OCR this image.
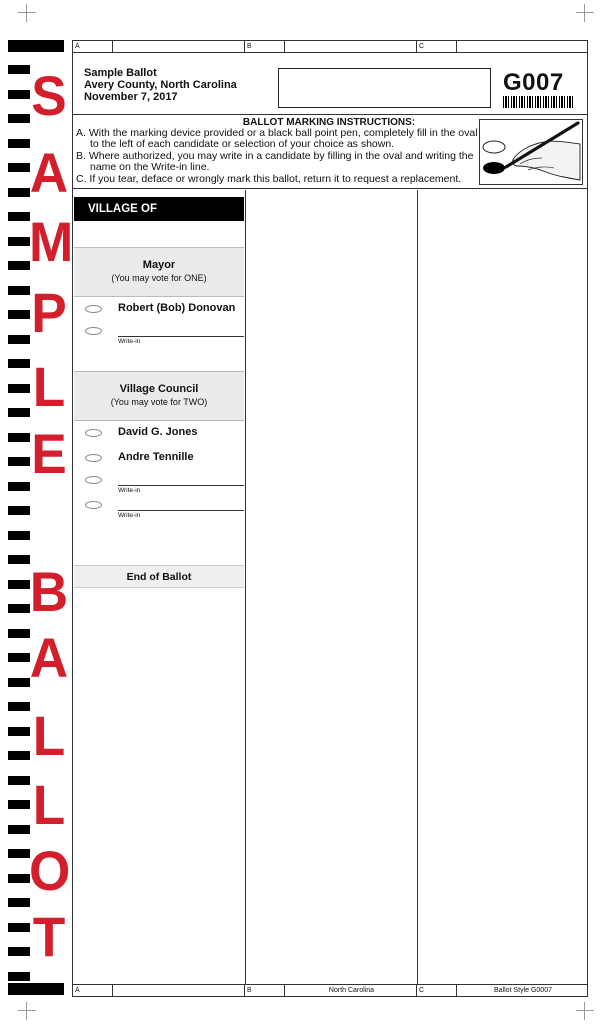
S
A
M
P
L
E
B
A
L
L
O
T
A	B	C
Sample Ballot
Avery County, North Carolina
November 7, 2017
G007
BALLOT MARKING INSTRUCTIONS:
A. With the marking device provided or a black ball point pen, completely fill in the oval
to the left of each candidate or selection of your choice as shown.
B. Where authorized, you may write in a candidate by filling in the oval and writing the
name on the Write-in line.
C. If you tear, deface or wrongly mark this ballot, return it to request a replacement.
VILLAGE OF GRANDFATHER
Mayor
(You may vote for ONE)
Robert (Bob) Donovan
Write-in
Village Council
(You may vote for TWO)
David G. Jones
Andre Tennille
Write-in
Write-in
End of Ballot
A	B	North Carolina	C	Ballot Style G0007
